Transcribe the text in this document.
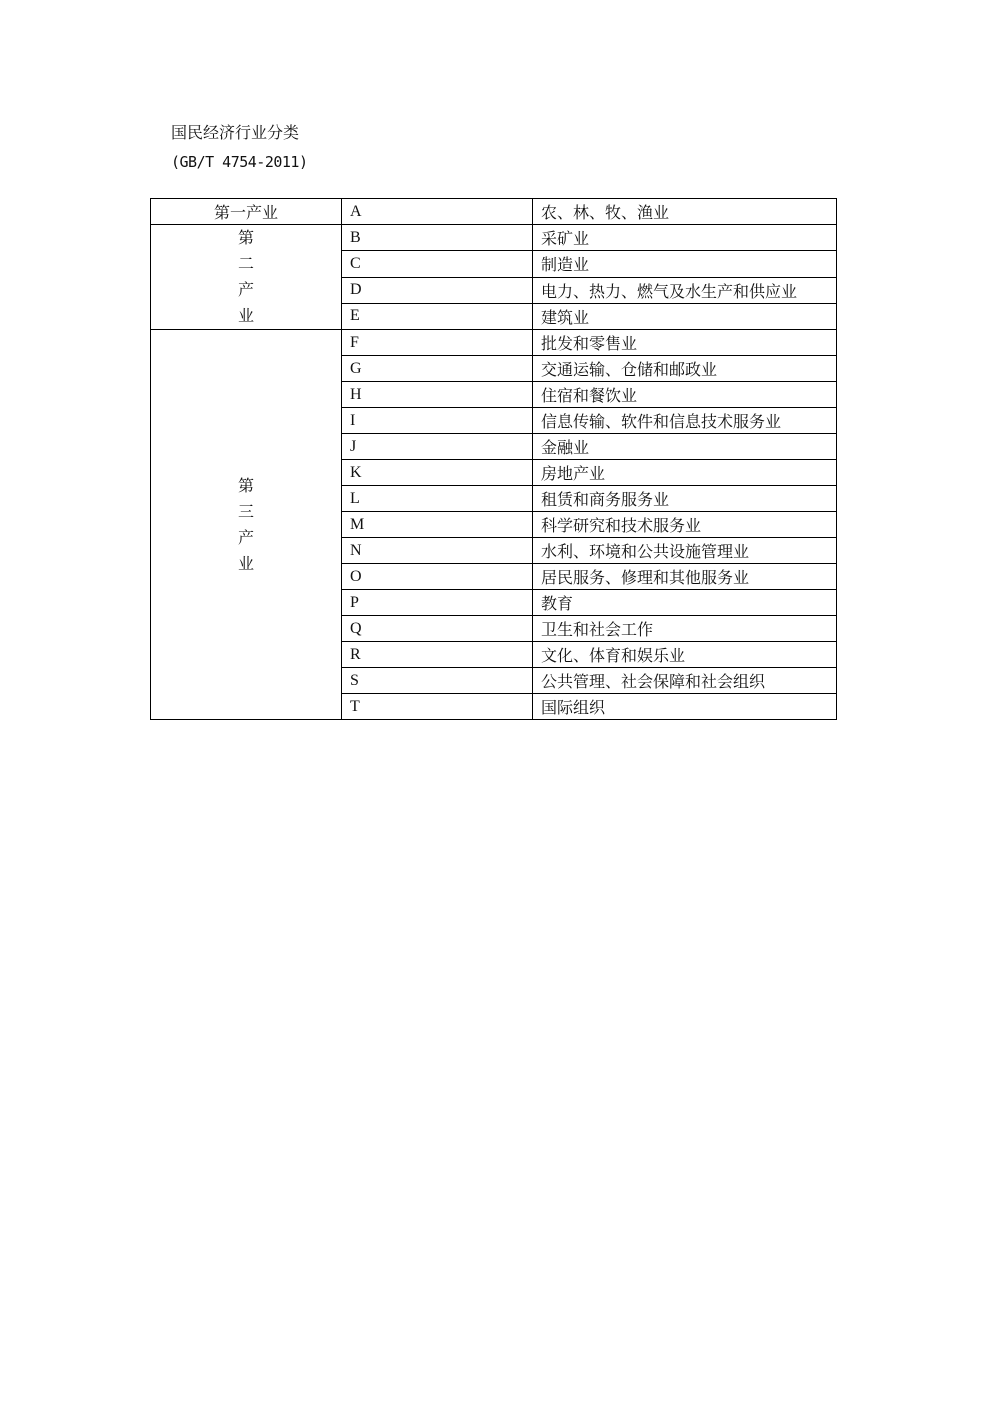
国民经济行业分类
(GB/T 4754-2011)
第一产业	A	农、林、牧、渔业

第
二
产
业	B	采矿业
	C	制造业
	D	电力、热力、燃气及水生产和供应业
	E	建筑业

第
三
产
业	F	批发和零售业
	G	交通运输、仓储和邮政业
	H	住宿和餐饮业
	I	信息传输、软件和信息技术服务业
	J	金融业
	K	房地产业
	L	租赁和商务服务业
	M	科学研究和技术服务业
	N	水利、环境和公共设施管理业
	O	居民服务、修理和其他服务业
	P	教育
	Q	卫生和社会工作
	R	文化、体育和娱乐业
	S	公共管理、社会保障和社会组织
	T	国际组织
